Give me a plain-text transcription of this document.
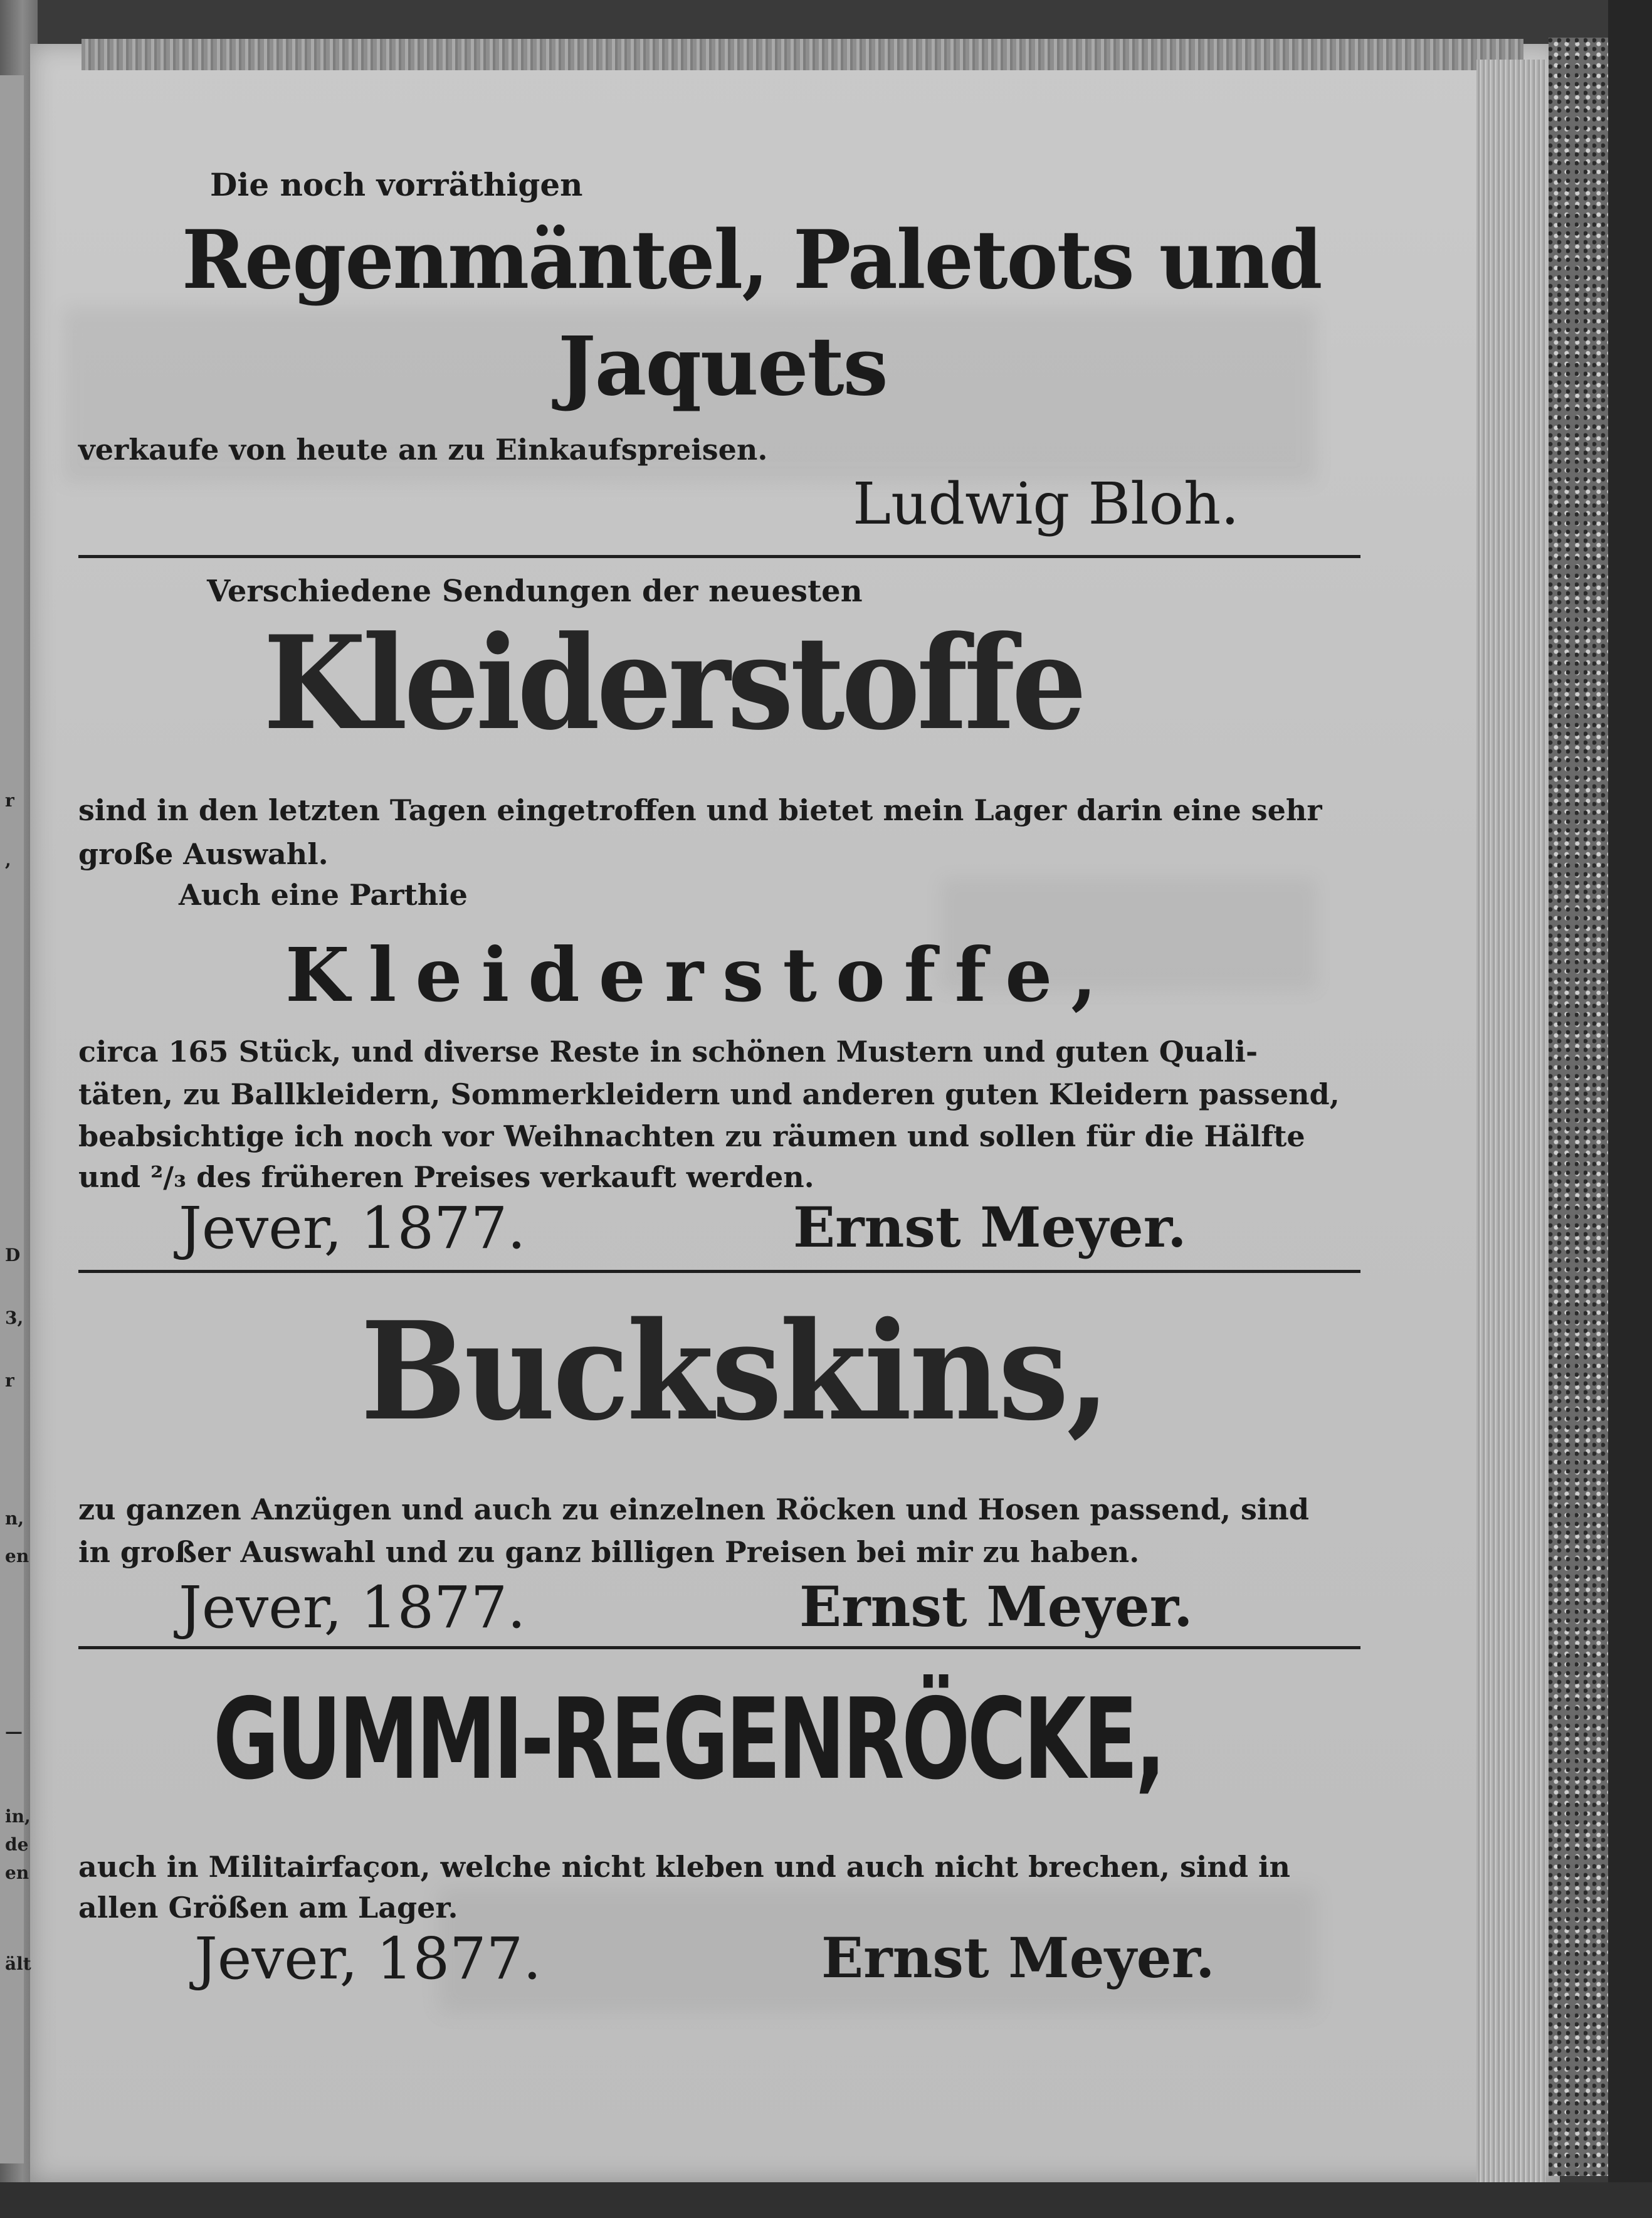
r
,
D
3,
r
n,
en
—
in,
de
en
ält
Die noch vorräthigen
Regenmäntel, Paletots und
Jaquets
verkaufe von heute an zu Einkaufspreisen.
Ludwig Bloh.
Verschiedene Sendungen der neuesten
Kleiderstoffe
sind in den letzten Tagen eingetroffen und bietet mein Lager darin eine sehr
große Auswahl.
Auch eine Parthie
Kleiderstoffe,
circa 165 Stück, und diverse Reste in schönen Mustern und guten Quali-
täten, zu Ballkleidern, Sommerkleidern und anderen guten Kleidern passend,
beabsichtige ich noch vor Weihnachten zu räumen und sollen für die Hälfte
und ²/₃ des früheren Preises verkauft werden.
Jever, 1877.	Ernst Meyer.
Buckskins,
zu ganzen Anzügen und auch zu einzelnen Röcken und Hosen passend, sind
in großer Auswahl und zu ganz billigen Preisen bei mir zu haben.
Jever, 1877.	Ernst Meyer.
GUMMI-REGENRÖCKE,
auch in Militairfaçon, welche nicht kleben und auch nicht brechen, sind in
allen Größen am Lager.
Jever, 1877.	Ernst Meyer.
